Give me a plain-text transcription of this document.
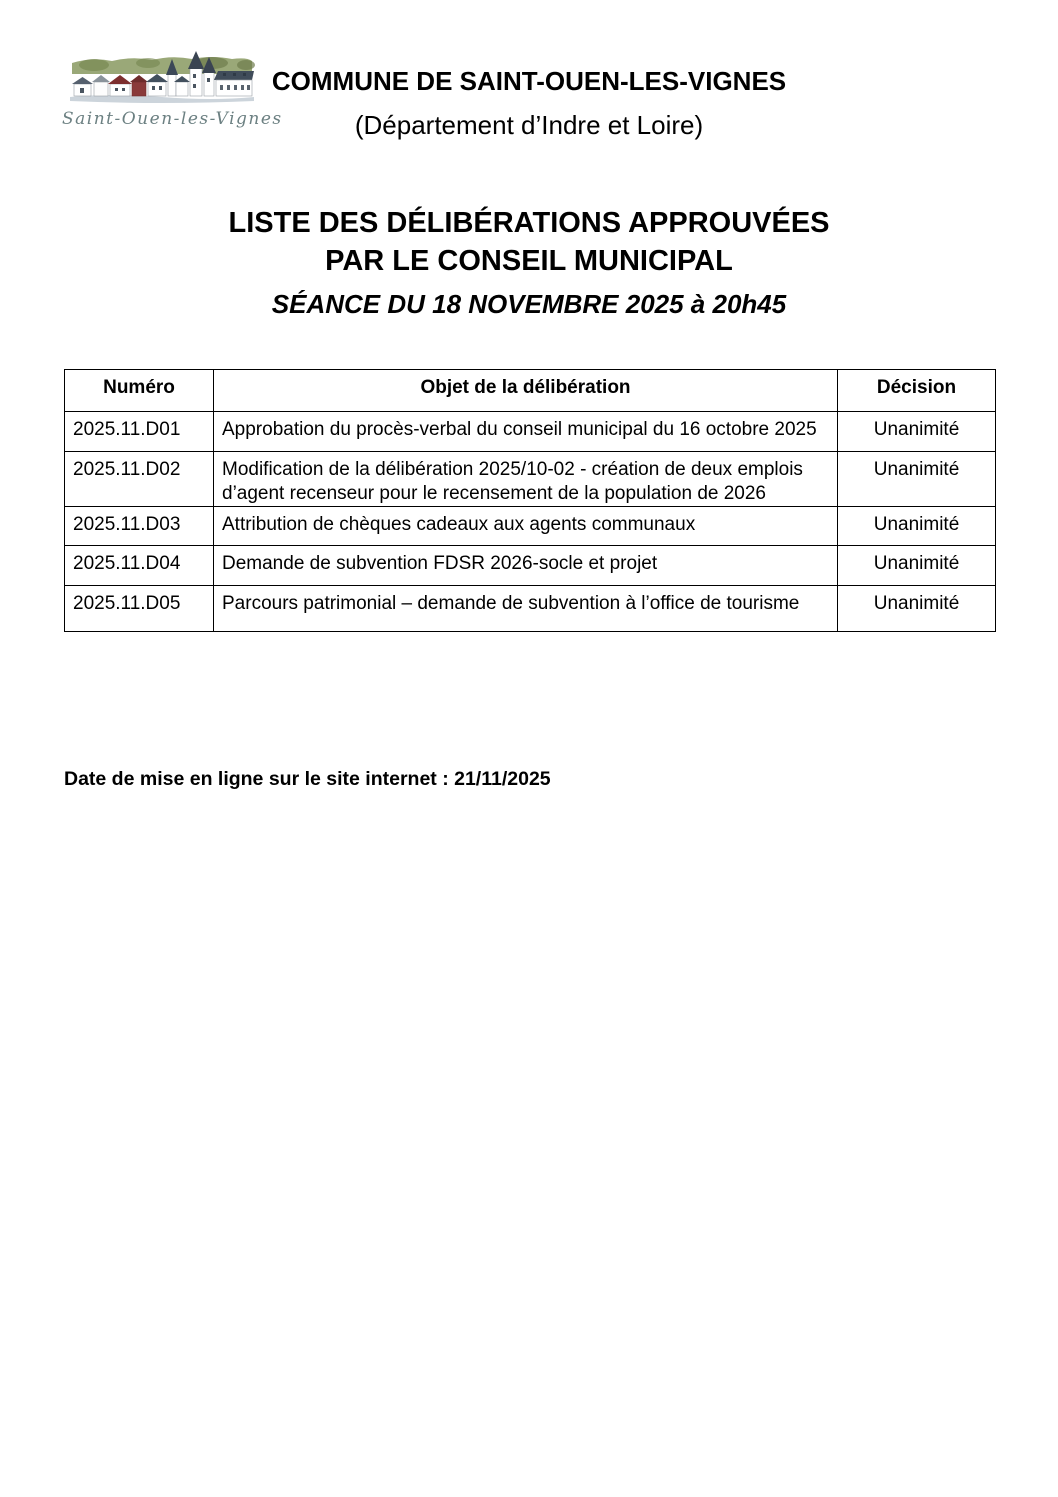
Saint-Ouen-les-Vignes
COMMUNE DE SAINT-OUEN-LES-VIGNES
(Département d’Indre et Loire)
LISTE DES DÉLIBÉRATIONS APPROUVÉES
PAR LE CONSEIL MUNICIPAL
SÉANCE DU 18 NOVEMBRE 2025 à 20h45
Numéro	Objet de la délibération	Décision
2025.11.D01	Approbation du procès-verbal du conseil municipal du 16 octobre 2025	Unanimité
2025.11.D02	Modification de la délibération 2025/10-02 - création de deux emplois d’agent recenseur pour le recensement de la population de 2026	Unanimité
2025.11.D03	Attribution de chèques cadeaux aux agents communaux	Unanimité
2025.11.D04	Demande de subvention FDSR 2026-socle et projet	Unanimité
2025.11.D05	Parcours patrimonial – demande de subvention à l’office de tourisme	Unanimité
Date de mise en ligne sur le site internet : 21/11/2025
